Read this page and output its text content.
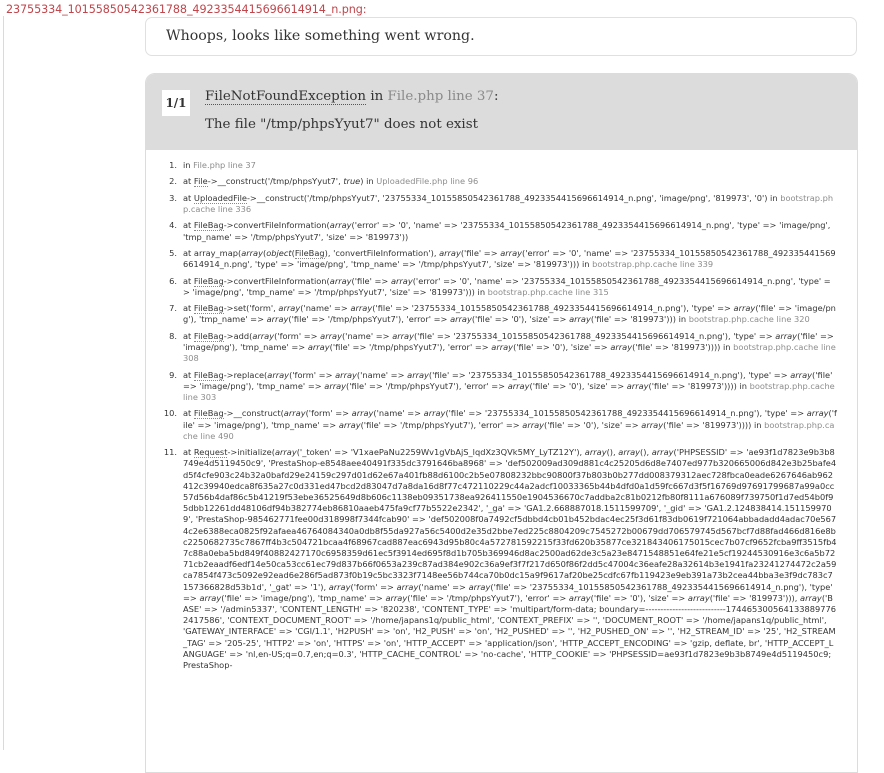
23755334_10155850542361788_4923354415696614914_n.png:
Whoops, looks like something went wrong.
1/1 FileNotFoundException in File.php line 37:
The file "/tmp/phpsYyut7" does not exist
1. in File.php line 37
2. at File->__construct('/tmp/phpsYyut7', true) in UploadedFile.php line 96
3. at UploadedFile->__construct('/tmp/phpsYyut7', '23755334_10155850542361788_4923354415696614914_n.png', 'image/png', '819973', '0') in bootstrap.php.cache line 336
4. at FileBag->convertFileInformation(array('error' => '0', 'name' => '23755334_10155850542361788_4923354415696614914_n.png', 'type' => 'image/png', 'tmp_name' => '/tmp/phpsYyut7', 'size' => '819973'))
5. at array_map(array(object(FileBag), 'convertFileInformation'), array('file' => array('error' => '0', 'name' => '23755334_10155850542361788_4923354415696614914_n.png', 'type' => 'image/png', 'tmp_name' => '/tmp/phpsYyut7', 'size' => '819973'))) in bootstrap.php.cache line 339
6. at FileBag->convertFileInformation(array('file' => array('error' => '0', 'name' => '23755334_10155850542361788_4923354415696614914_n.png', 'type' => 'image/png', 'tmp_name' => '/tmp/phpsYyut7', 'size' => '819973'))) in bootstrap.php.cache line 315
7. at FileBag->set('form', array('name' => array('file' => '23755334_10155850542361788_4923354415696614914_n.png'), 'type' => array('file' => 'image/png'), 'tmp_name' => array('file' => '/tmp/phpsYyut7'), 'error' => array('file' => '0'), 'size' => array('file' => '819973'))) in bootstrap.php.cache line 320
8. at FileBag->add(array('form' => array('name' => array('file' => '23755334_10155850542361788_4923354415696614914_n.png'), 'type' => array('file' => 'image/png'), 'tmp_name' => array('file' => '/tmp/phpsYyut7'), 'error' => array('file' => '0'), 'size' => array('file' => '819973')))) in bootstrap.php.cache line 308
9. at FileBag->replace(array('form' => array('name' => array('file' => '23755334_10155850542361788_4923354415696614914_n.png'), 'type' => array('file' => 'image/png'), 'tmp_name' => array('file' => '/tmp/phpsYyut7'), 'error' => array('file' => '0'), 'size' => array('file' => '819973')))) in bootstrap.php.cache line 303
10. at FileBag->__construct(array('form' => array('name' => array('file' => '23755334_10155850542361788_4923354415696614914_n.png'), 'type' => array('file' => 'image/png'), 'tmp_name' => array('file' => '/tmp/phpsYyut7'), 'error' => array('file' => '0'), 'size' => array('file' => '819973')))) in bootstrap.php.cache line 490
11. at Request->initialize(array('_token' => 'V1xaePaNu2259Wv1gVbAjS_lqdXz3QVk5MY_LyTZ12Y'), array(), array(), array('PHPSESSID' => 'ae93f1d7823e9b3b8749e4d5119450c9', 'PrestaShop-e8548aee40491f335dc3791646ba8968' => 'def502009ad309d881c4c25205d6d8e7407ed977b320665006d842e3b25bafe4d5f4cfe903c24b32a0bafd29e24159c297d01d62e67a401fb88d6100c2b5e07808232bbc90800f37b803b0b277dd008379312aec728fbca0eade6267646ab962412c39940edca8f635a27c0d331ed47bcd2d83047d7a8da16d8f77c472110229c44a2adcf10033365b44b4dfd0a1d59fc667d3f5f16769d97691799687a99a0cc57d56b4daf86c5b41219f53ebe36525649d8b606c1138eb09351738ea926411550e1904536670c7addba2c81b0212fb80f8111a676089f739750f1d7ed54b0f95dbb12261dd48106df94b382774eb86810aaeb475fa9cf77b5522e2342', '_ga' => 'GA1.2.668887018.1511599709', '_gid' => 'GA1.2.124838414.1511599709', 'PrestaShop-985462771fee00d318998f7344fcab90' => 'def502008f0a7492cf5dbbd4cb01b452bdac4ec25f3d61f83db0619f721064abbadadd4adac70e5674c2e6388eca0825f92afaea46764084340a0db8f55da927a56c5400d2e35d2bbe7ed225c8804209c7545272b00679dd706579745d567bcf7d88fad466d816e8bc2250682735c7867ff4b3c504721bcaa4f68967cad887eac6943d95b80c4a572781592215f33fd620b35877ce321843406175015cec7b07cf9652fcba9ff3515fb47c88a0eba5bd849f40882427170c6958359d61ec5f3914ed695f8d1b705b369946d8ac2500ad62de3c5a23e8471548851e64fe21e5cf19244530916e3c6a5b7271cb2eaadf6edf14e50ca53cc61ec79d837b66f0653a239c87ad384e902c36a9ef3f7f217d650f86f2dd5c47004c36eafe28a32614b3e1941fa23241274472c2a59ca7854f473c5092e92ead6e286f5ad873f0b19c5bc3323f7148ee56b744ca70b0dc15a9f9617af20be25cdfc67fb119423e9eb391a73b2cea44bba3e3f9dc783c7157366828d53b1d', '_gat' => '1'), array('form' => array('name' => array('file' => '23755334_10155850542361788_4923354415696614914_n.png'), 'type' => array('file' => 'image/png'), 'tmp_name' => array('file' => '/tmp/phpsYyut7'), 'error' => array('file' => '0'), 'size' => array('file' => '819973'))), array('BASE' => '/admin5337', 'CONTENT_LENGTH' => '820238', 'CONTENT_TYPE' => 'multipart/form-data; boundary=---------------------------174465300564133889776241758​6', 'CONTEXT_DOCUMENT_ROOT' => '/home/japans1q/public_html', 'CONTEXT_PREFIX' => '', 'DOCUMENT_ROOT' => '/home/japans1q/public_html', 'GATEWAY_INTERFACE' => 'CGI/1.1', 'H2PUSH' => 'on', 'H2_PUSH' => 'on', 'H2_PUSHED' => '', 'H2_PUSHED_ON' => '', 'H2_STREAM_ID' => '25', 'H2_STREAM_TAG' => '205-25', 'HTTP2' => 'on', 'HTTPS' => 'on', 'HTTP_ACCEPT' => 'application/json', 'HTTP_ACCEPT_ENCODING' => 'gzip, deflate, br', 'HTTP_ACCEPT_LANGUAGE' => 'nl,en-US;q=0.7,en;q=0.3', 'HTTP_CACHE_CONTROL' => 'no-cache', 'HTTP_COOKIE' => 'PHPSESSID=ae93f1d7823e9b3b8749e4d5119450c9; PrestaShop-
